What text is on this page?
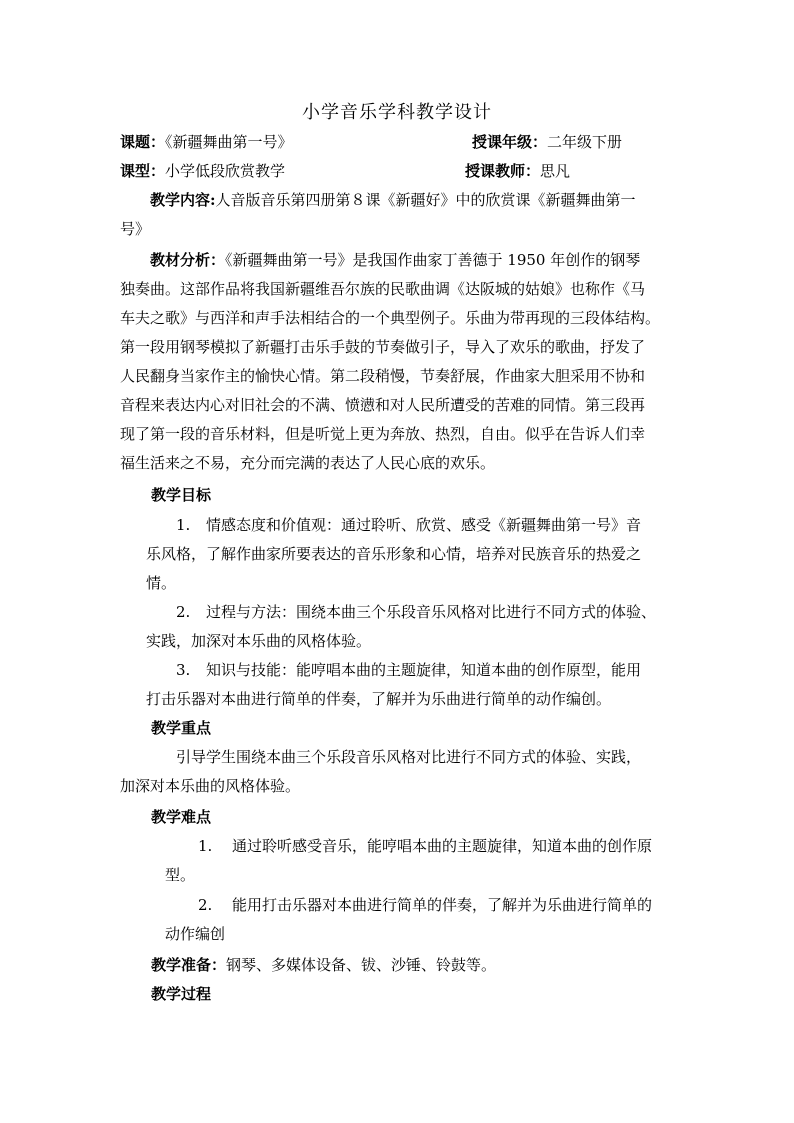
小学音乐学科教学设计
课题：《新疆舞曲第一号》	授课年级：二年级下册
课型：小学低段欣赏教学	授课教师：思凡
教学内容:人音版音乐第四册第８课《新疆好》中的欣赏课《新疆舞曲第一
号》
教材分析：《新疆舞曲第一号》是我国作曲家丁善德于 1950 年创作的钢琴
独奏曲。这部作品将我国新疆维吾尔族的民歌曲调《达阪城的姑娘》也称作《马
车夫之歌》与西洋和声手法相结合的一个典型例子。乐曲为带再现的三段体结构。
第一段用钢琴模拟了新疆打击乐手鼓的节奏做引子，导入了欢乐的歌曲，抒发了
人民翻身当家作主的愉快心情。第二段稍慢，节奏舒展，作曲家大胆采用不协和
音程来表达内心对旧社会的不满、愤懑和对人民所遭受的苦难的同情。第三段再
现了第一段的音乐材料，但是听觉上更为奔放、热烈，自由。似乎在告诉人们幸
福生活来之不易，充分而完满的表达了人民心底的欢乐。
教学目标
1. 情感态度和价值观：通过聆听、欣赏、感受《新疆舞曲第一号》音
乐风格，了解作曲家所要表达的音乐形象和心情，培养对民族音乐的热爱之
情。
2. 过程与方法：围绕本曲三个乐段音乐风格对比进行不同方式的体验、
实践，加深对本乐曲的风格体验。
3. 知识与技能：能哼唱本曲的主题旋律，知道本曲的创作原型，能用
打击乐器对本曲进行简单的伴奏，了解并为乐曲进行简单的动作编创。
教学重点
引导学生围绕本曲三个乐段音乐风格对比进行不同方式的体验、实践，
加深对本乐曲的风格体验。
教学难点
1. 通过聆听感受音乐，能哼唱本曲的主题旋律，知道本曲的创作原
型。
2. 能用打击乐器对本曲进行简单的伴奏，了解并为乐曲进行简单的
动作编创
教学准备：钢琴、多媒体设备、钹、沙锤、铃鼓等。
教学过程
